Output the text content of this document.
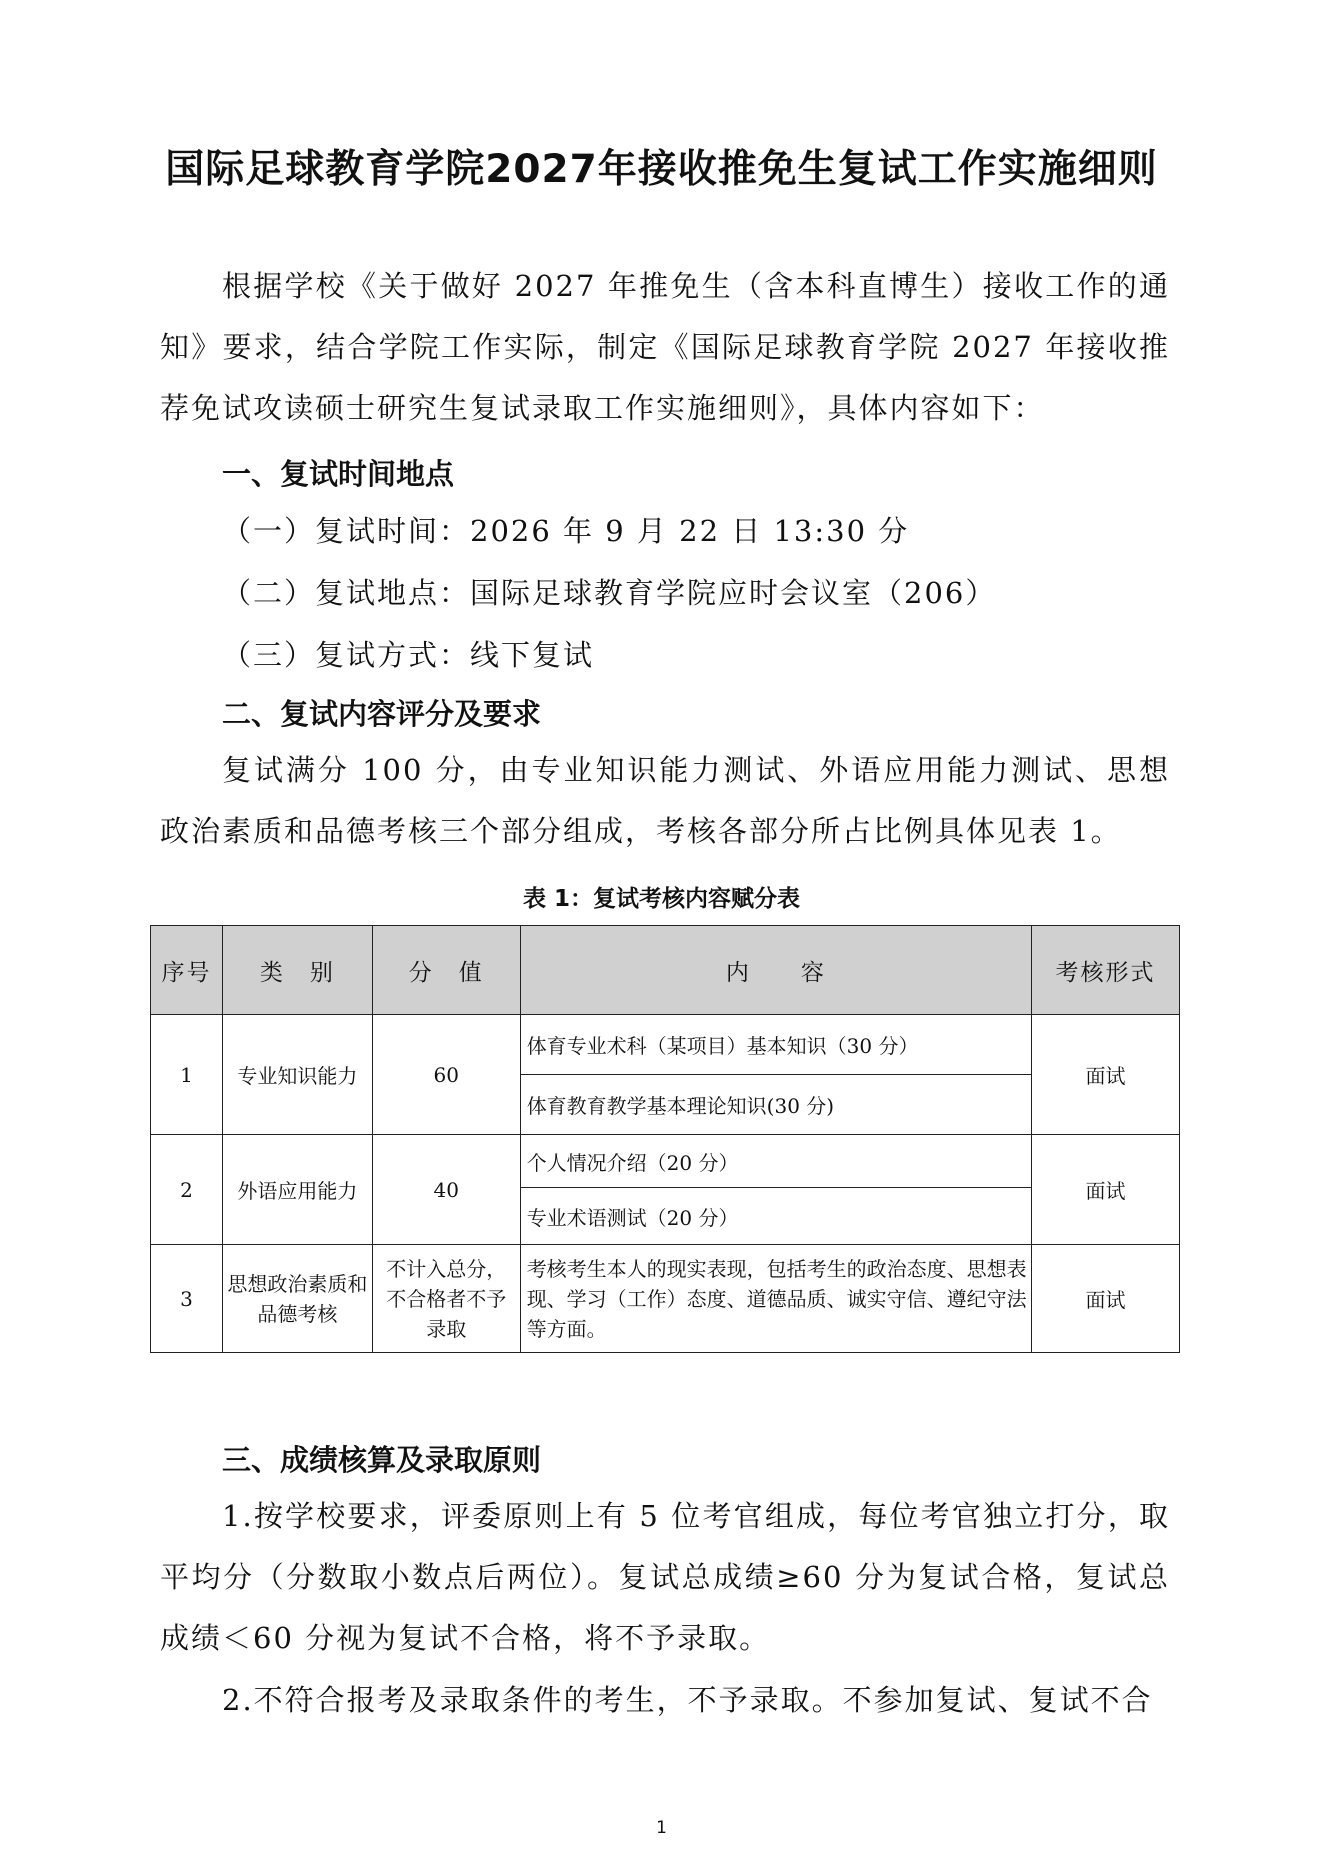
国际足球教育学院2027年接收推免生复试工作实施细则

根据学校《关于做好 2027 年推免生（含本科直博生）接收工作的通知》要求，结合学院工作实际，制定《国际足球教育学院 2027 年接收推荐免试攻读硕士研究生复试录取工作实施细则》，具体内容如下：

一、复试时间地点

（一）复试时间：2026 年 9 月 22 日 13:30 分

（二）复试地点：国际足球教育学院应时会议室（206）

（三）复试方式：线下复试

二、复试内容评分及要求

复试满分 100 分，由专业知识能力测试、外语应用能力测试、思想政治素质和品德考核三个部分组成，考核各部分所占比例具体见表 1。

表 1：复试考核内容赋分表

序号	类　别	分　值	内　　容	考核形式
1	专业知识能力	60	体育专业术科（某项目）基本知识（30 分）	面试
			体育教育教学基本理论知识(30 分)	
2	外语应用能力	40	个人情况介绍（20 分）	面试
			专业术语测试（20 分）	
3	思想政治素质和品德考核	不计入总分，不合格者不予录取	考核考生本人的现实表现，包括考生的政治态度、思想表现、学习（工作）态度、道德品质、诚实守信、遵纪守法等方面。	面试
三、成绩核算及录取原则

1.按学校要求，评委原则上有 5 位考官组成，每位考官独立打分，取平均分（分数取小数点后两位）。复试总成绩≥60 分为复试合格，复试总成绩＜60 分视为复试不合格，将不予录取。

2.不符合报考及录取条件的考生，不予录取。不参加复试、复试不合

1
